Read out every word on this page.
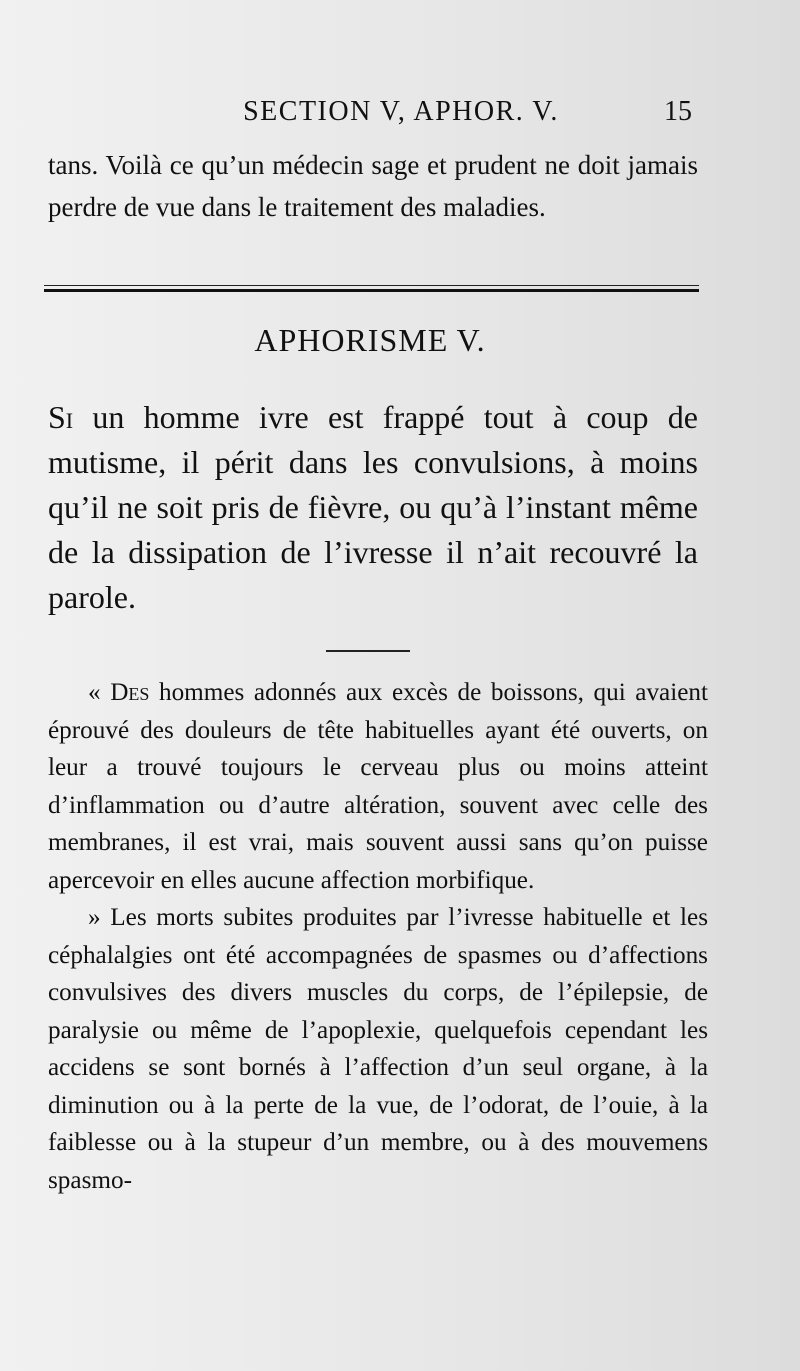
SECTION V, APHOR. V.	15

tans. Voilà ce qu’un médecin sage et prudent ne doit jamais perdre de vue dans le traitement des maladies.

APHORISME V.

Si un homme ivre est frappé tout à coup de mutisme, il périt dans les convulsions, à moins qu’il ne soit pris de fièvre, ou qu’à l’instant même de la dissipation de l’ivresse il n’ait recouvré la parole.

« Des hommes adonnés aux excès de boissons, qui avaient éprouvé des douleurs de tête habituelles ayant été ouverts, on leur a trouvé toujours le cerveau plus ou moins atteint d’inflammation ou d’autre altération, souvent avec celle des membranes, il est vrai, mais souvent aussi sans qu’on puisse apercevoir en elles aucune affection morbifique.

» Les morts subites produites par l’ivresse habituelle et les céphalalgies ont été accompagnées de spasmes ou d’affections convulsives des divers muscles du corps, de l’épilepsie, de paralysie ou même de l’apoplexie, quelquefois cependant les accidens se sont bornés à l’affection d’un seul organe, à la diminution ou à la perte de la vue, de l’odorat, de l’ouie, à la faiblesse ou à la stupeur d’un membre, ou à des mouvemens spasmo-
